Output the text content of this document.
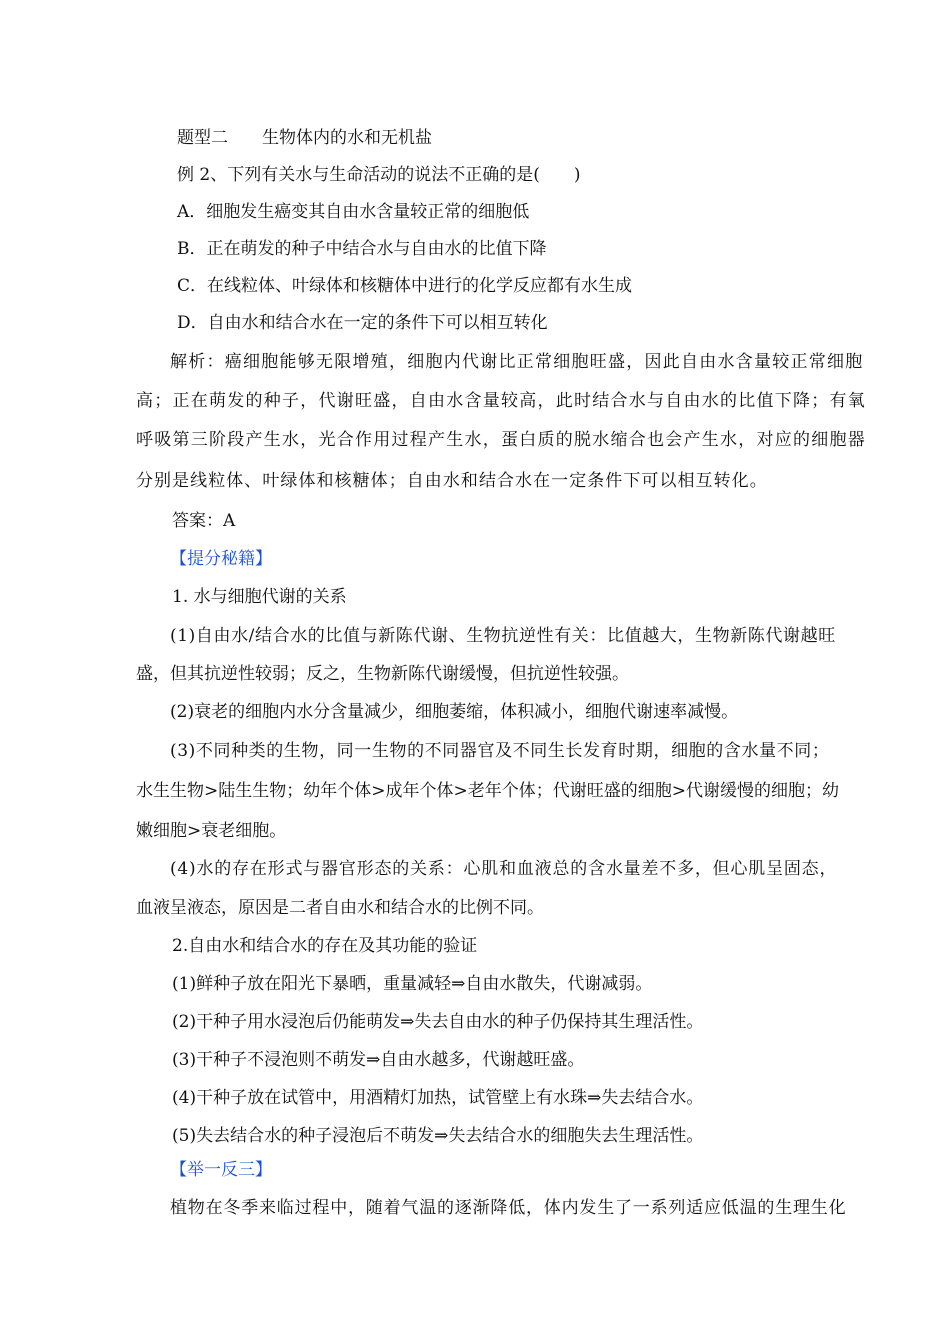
题型二　　生物体内的水和无机盐
例 2、下列有关水与生命活动的说法不正确的是(　　)
A．细胞发生癌变其自由水含量较正常的细胞低
B．正在萌发的种子中结合水与自由水的比值下降
C．在线粒体、叶绿体和核糖体中进行的化学反应都有水生成
D．自由水和结合水在一定的条件下可以相互转化
解析：癌细胞能够无限增殖，细胞内代谢比正常细胞旺盛，因此自由水含量较正常细胞
高；正在萌发的种子，代谢旺盛，自由水含量较高，此时结合水与自由水的比值下降；有氧
呼吸第三阶段产生水，光合作用过程产生水，蛋白质的脱水缩合也会产生水，对应的细胞器
分别是线粒体、叶绿体和核糖体；自由水和结合水在一定条件下可以相互转化。
答案：A
【提分秘籍】
1. 水与细胞代谢的关系
(1)自由水/结合水的比值与新陈代谢、生物抗逆性有关：比值越大，生物新陈代谢越旺
盛，但其抗逆性较弱；反之，生物新陈代谢缓慢，但抗逆性较强。
(2)衰老的细胞内水分含量减少，细胞萎缩，体积减小，细胞代谢速率减慢。
(3)不同种类的生物，同一生物的不同器官及不同生长发育时期，细胞的含水量不同；
水生生物>陆生生物；幼年个体>成年个体>老年个体；代谢旺盛的细胞>代谢缓慢的细胞；幼
嫩细胞>衰老细胞。
(4)水的存在形式与器官形态的关系：心肌和血液总的含水量差不多，但心肌呈固态，
血液呈液态，原因是二者自由水和结合水的比例不同。
2.自由水和结合水的存在及其功能的验证
(1)鲜种子放在阳光下暴晒，重量减轻⇒自由水散失，代谢减弱。
(2)干种子用水浸泡后仍能萌发⇒失去自由水的种子仍保持其生理活性。
(3)干种子不浸泡则不萌发⇒自由水越多，代谢越旺盛。
(4)干种子放在试管中，用酒精灯加热，试管壁上有水珠⇒失去结合水。
(5)失去结合水的种子浸泡后不萌发⇒失去结合水的细胞失去生理活性。
【举一反三】
植物在冬季来临过程中，随着气温的逐渐降低，体内发生了一系列适应低温的生理生化
